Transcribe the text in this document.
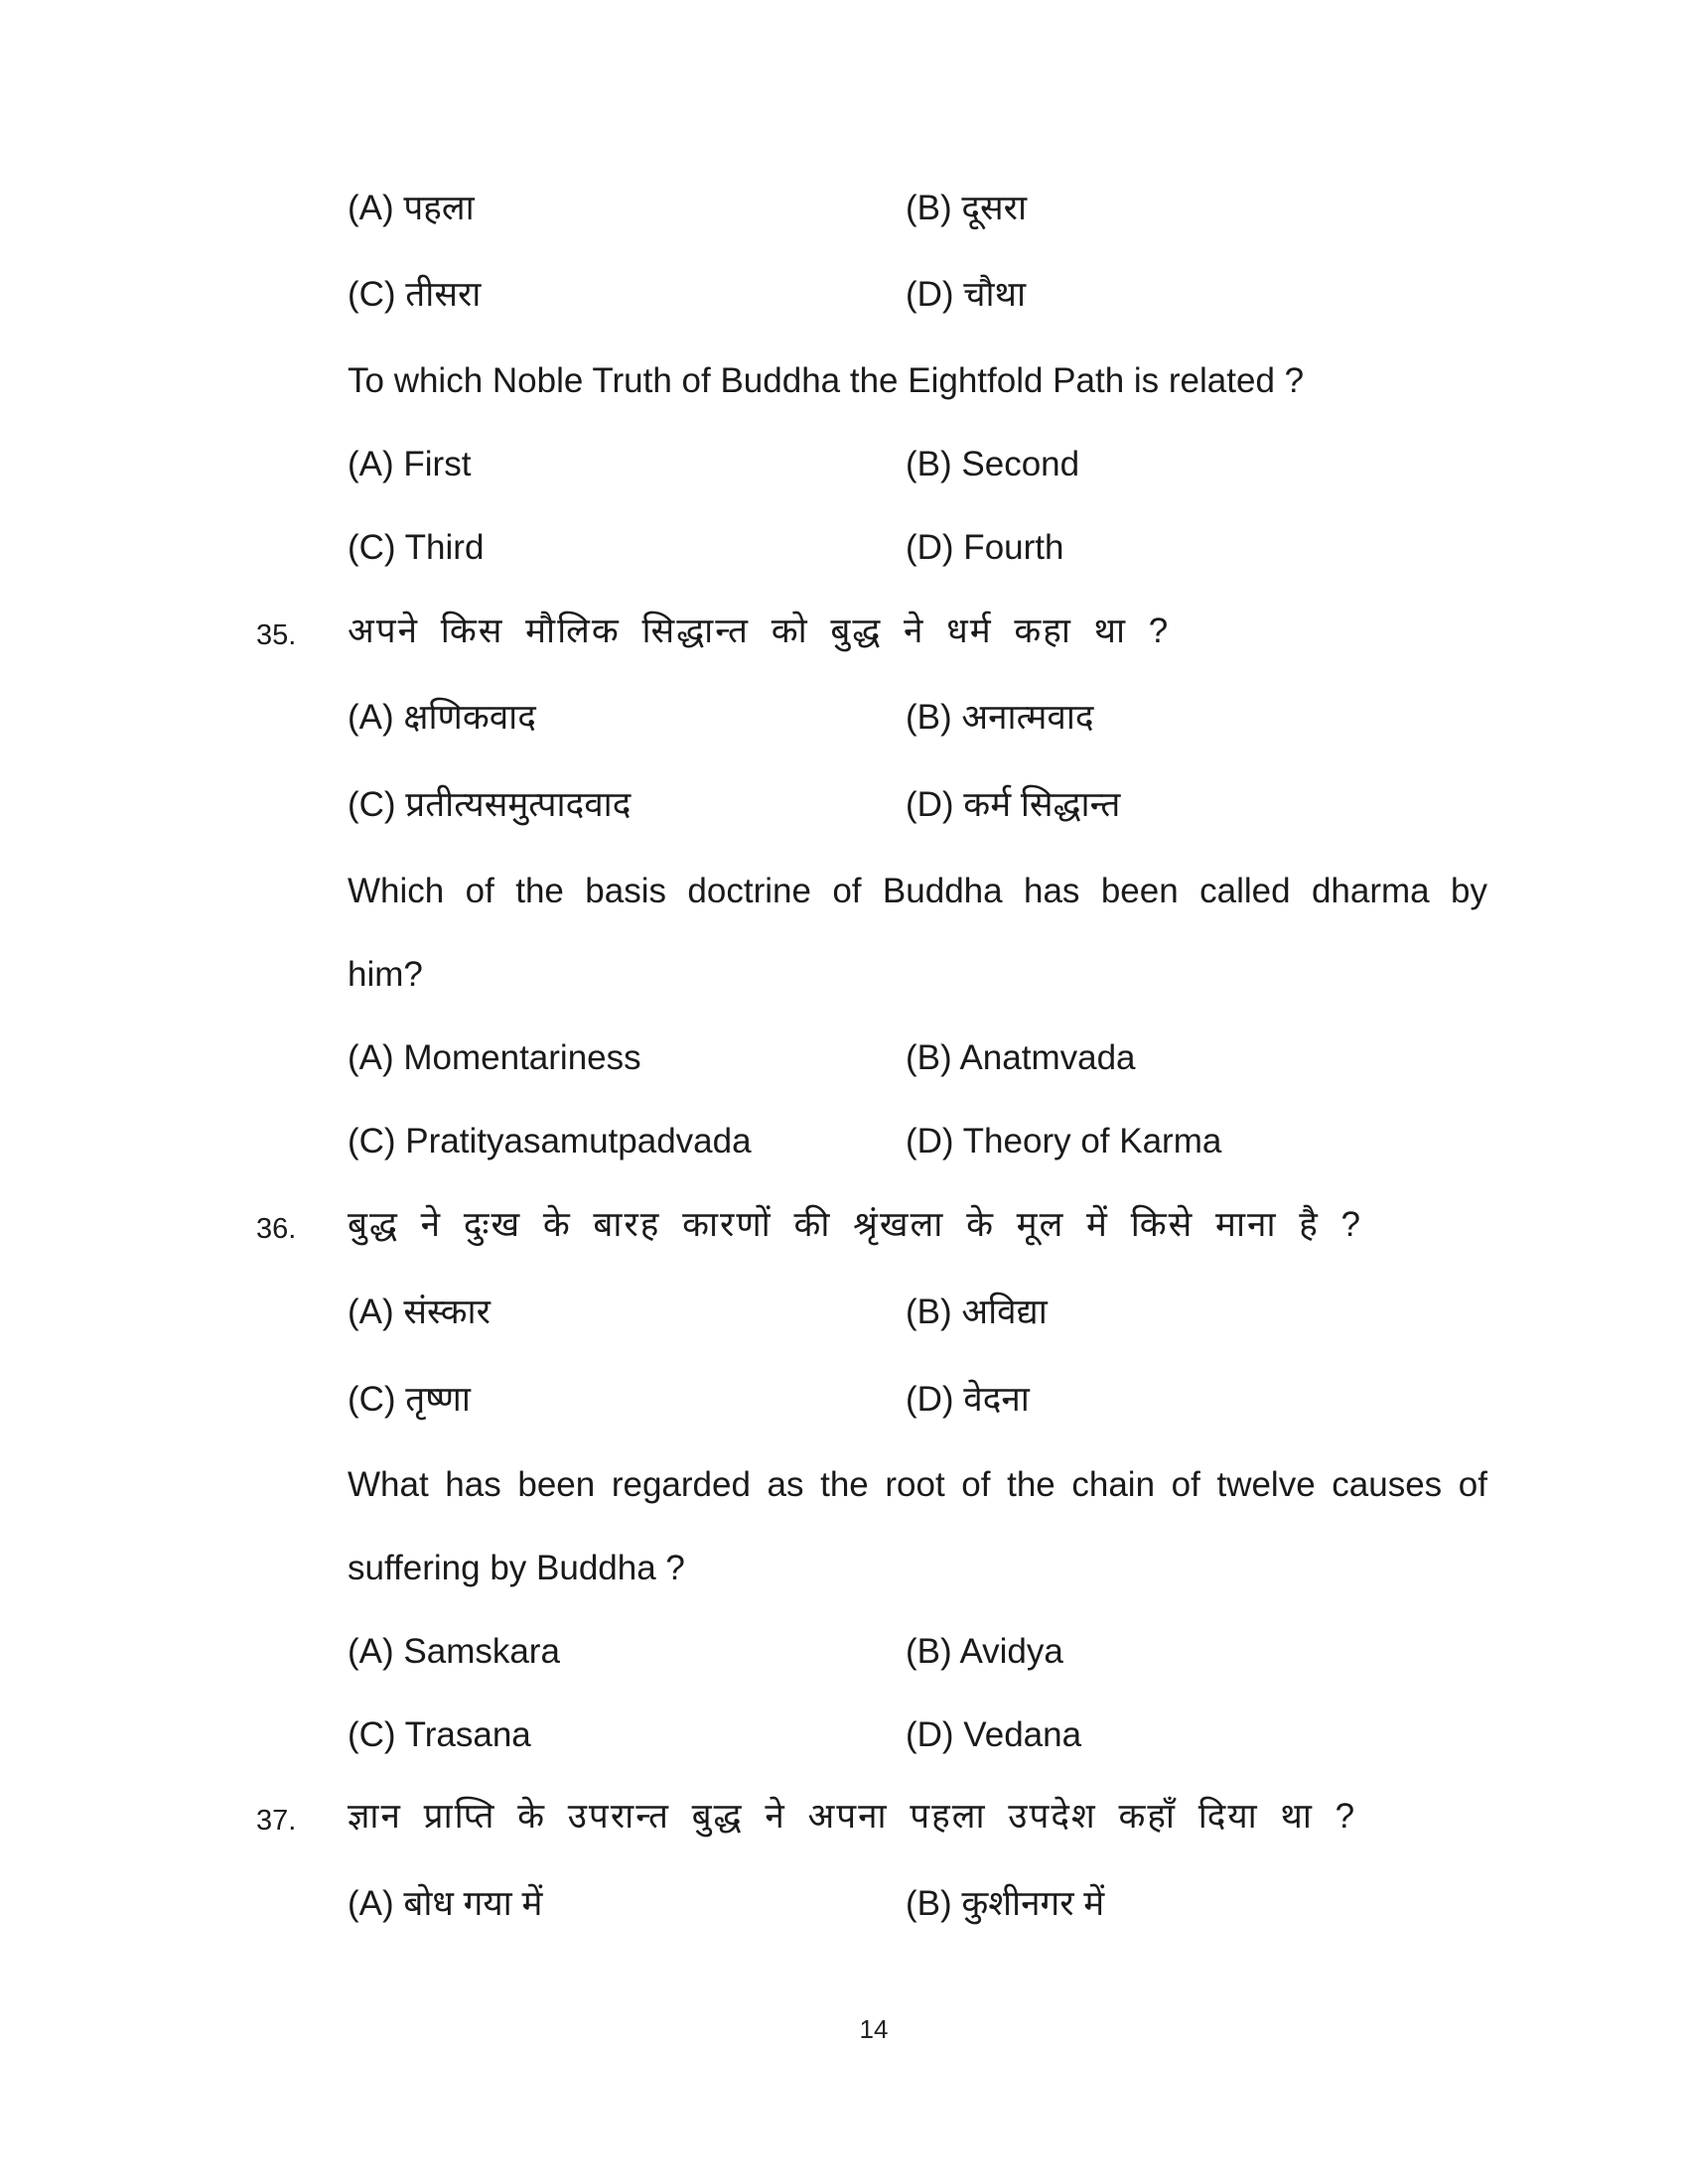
(A) पहला	(B) दूसरा
(C) तीसरा	(D) चौथा
To which Noble Truth of Buddha the Eightfold Path is related ?
(A) First	(B) Second
(C) Third	(D) Fourth
35. अपने किस मौलिक सिद्धान्त को बुद्ध ने धर्म कहा था ?
(A) क्षणिकवाद	(B) अनात्मवाद
(C) प्रतीत्यसमुत्पादवाद	(D) कर्म सिद्धान्त
Which of the basis doctrine of Buddha has been called dharma by
him?
(A) Momentariness	(B) Anatmvada
(C) Pratityasamutpadvada	(D) Theory of Karma
36. बुद्ध ने दुःख के बारह कारणों की श्रृंखला के मूल में किसे माना है ?
(A) संस्कार	(B) अविद्या
(C) तृष्णा	(D) वेदना
What has been regarded as the root of the chain of twelve causes of
suffering by Buddha ?
(A) Samskara	(B) Avidya
(C) Trasana	(D) Vedana
37. ज्ञान प्राप्ति के उपरान्त बुद्ध ने अपना पहला उपदेश कहाँ दिया था ?
(A) बोध गया में	(B) कुशीनगर में
14
